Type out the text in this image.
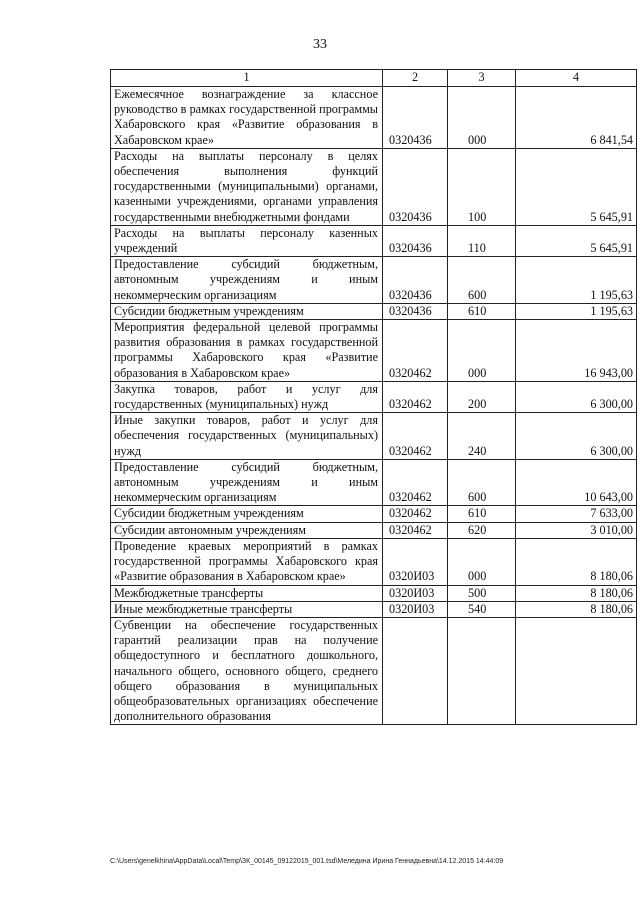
33
1	2	3	4
Ежемесячное вознаграждение за классное руководство в рамках государственной программы Хабаровского края «Развитие образования в Хабаровском крае»	0320436	000	6 841,54
Расходы на выплаты персоналу в целях обеспечения выполнения функций государственными (муниципальными) органами, казенными учреждениями, органами управления государственными внебюджетными фондами	0320436	100	5 645,91
Расходы на выплаты персоналу казенных учреждений	0320436	110	5 645,91
Предоставление субсидий бюджетным, автономным учреждениям и иным некоммерческим организациям	0320436	600	1 195,63
Субсидии бюджетным учреждениям	0320436	610	1 195,63
Мероприятия федеральной целевой программы развития образования в рамках государственной программы Хабаровского края «Развитие образования в Хабаровском крае»	0320462	000	16 943,00
Закупка товаров, работ и услуг для государственных (муниципальных) нужд	0320462	200	6 300,00
Иные закупки товаров, работ и услуг для обеспечения государственных (муниципальных) нужд	0320462	240	6 300,00
Предоставление субсидий бюджетным, автономным учреждениям и иным некоммерческим организациям	0320462	600	10 643,00
Субсидии бюджетным учреждениям	0320462	610	7 633,00
Субсидии автономным учреждениям	0320462	620	3 010,00
Проведение краевых мероприятий в рамках государственной программы Хабаровского края «Развитие образования в Хабаровском крае»	0320И03	000	8 180,06
Межбюджетные трансферты	0320И03	500	8 180,06
Иные межбюджетные трансферты	0320И03	540	8 180,06
Субвенции на обеспечение государственных гарантий реализации прав на получение общедоступного и бесплатного дошкольного, начального общего, основного общего, среднего общего образования в муниципальных общеобразовательных организациях обеспечение дополнительного образования			
C:\Users\genelkhina\AppData\Local\Temp\ЗК_00145_09122015_001.tsd\Меледина Ирина Геннадьевна\14.12.2015 14:44:09
